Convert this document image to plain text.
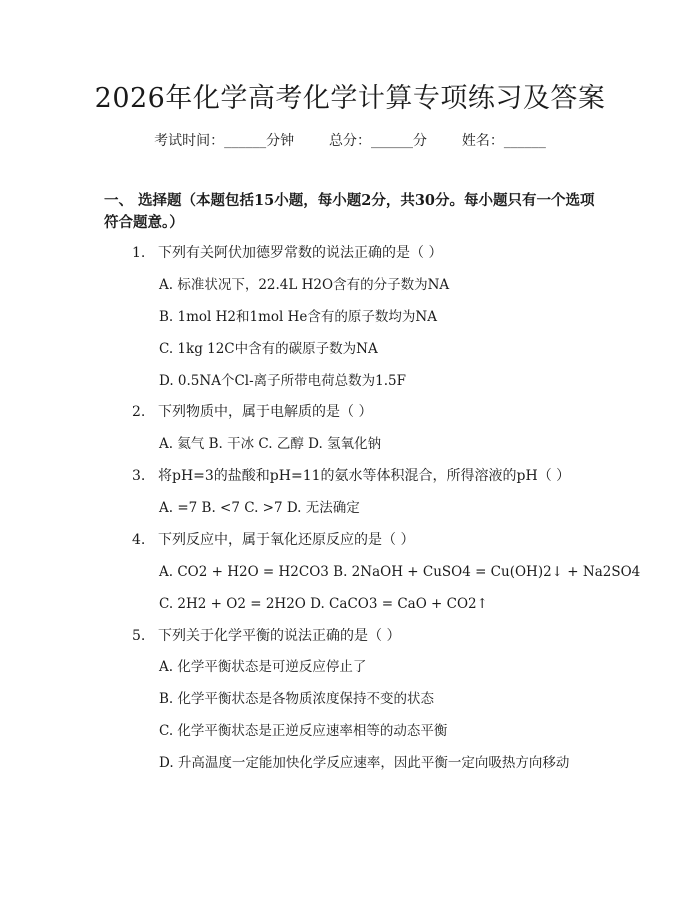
2026年化学高考化学计算专项练习及答案
考试时间：______分钟 总分：______分 姓名：______
一、 选择题（本题包括15小题，每小题2分，共30分。每小题只有一个选项符合题意。）
1. 下列有关阿伏加德罗常数的说法正确的是（ ）
A. 标准状况下，22.4L H2O含有的分子数为NA
B. 1mol H2和1mol He含有的原子数均为NA
C. 1kg 12C中含有的碳原子数为NA
D. 0.5NA个Cl-离子所带电荷总数为1.5F
2. 下列物质中，属于电解质的是（ ）
A. 氦气 B. 干冰 C. 乙醇 D. 氢氧化钠
3. 将pH=3的盐酸和pH=11的氨水等体积混合，所得溶液的pH（ ）
A. =7 B. <7 C. >7 D. 无法确定
4. 下列反应中，属于氧化还原反应的是（ ）
A. CO2 + H2O = H2CO3 B. 2NaOH + CuSO4 = Cu(OH)2↓ + Na2SO4
C. 2H2 + O2 = 2H2O D. CaCO3 = CaO + CO2↑
5. 下列关于化学平衡的说法正确的是（ ）
A. 化学平衡状态是可逆反应停止了
B. 化学平衡状态是各物质浓度保持不变的状态
C. 化学平衡状态是正逆反应速率相等的动态平衡
D. 升高温度一定能加快化学反应速率，因此平衡一定向吸热方向移动
